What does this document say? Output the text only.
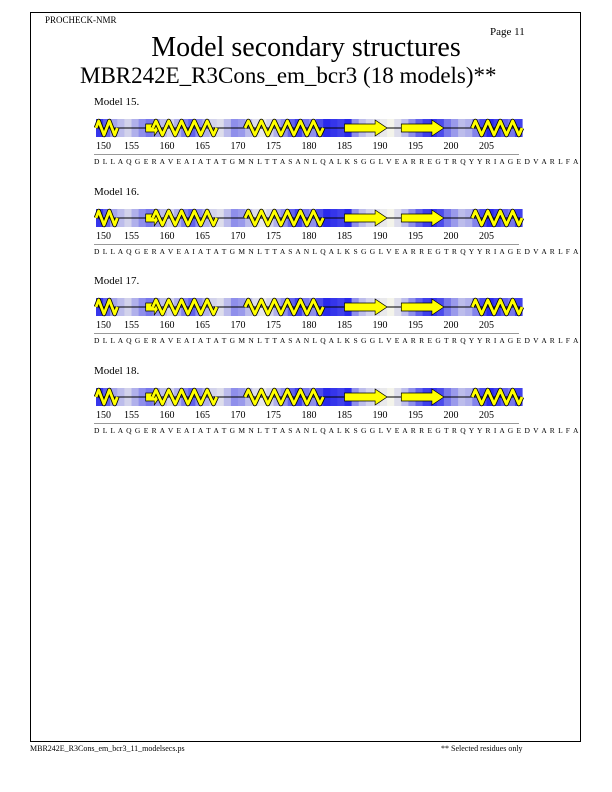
PROCHECK-NMR
Page 11
Model secondary structures
MBR242E_R3Cons_em_bcr3 (18 models)**
Model 15.
150 155 160 165 170 175 180 185 190 195 200 205
D L L A Q G E R A V E A I A T A T G M N L T T A S A N L Q A L K S G G L V E A R R E G T R Q Y Y R I A G E D V A R L F A
Model 16.
150 155 160 165 170 175 180 185 190 195 200 205
D L L A Q G E R A V E A I A T A T G M N L T T A S A N L Q A L K S G G L V E A R R E G T R Q Y Y R I A G E D V A R L F A
Model 17.
150 155 160 165 170 175 180 185 190 195 200 205
D L L A Q G E R A V E A I A T A T G M N L T T A S A N L Q A L K S G G L V E A R R E G T R Q Y Y R I A G E D V A R L F A
Model 18.
150 155 160 165 170 175 180 185 190 195 200 205
D L L A Q G E R A V E A I A T A T G M N L T T A S A N L Q A L K S G G L V E A R R E G T R Q Y Y R I A G E D V A R L F A
MBR242E_R3Cons_em_bcr3_11_modelsecs.ps	** Selected residues only
